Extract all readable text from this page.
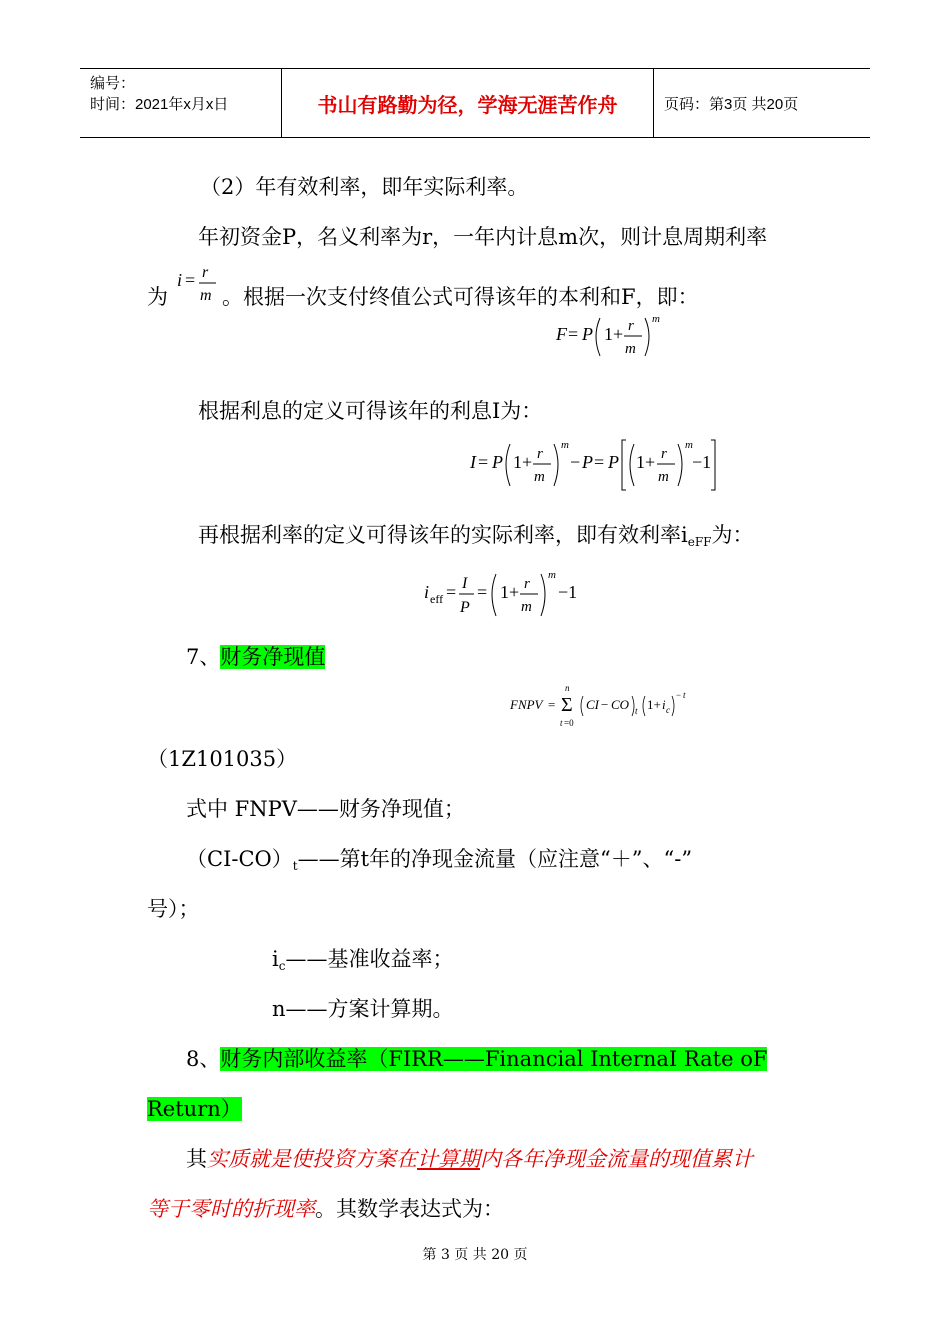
编号：
时间：2021年x月x日	书山有路勤为径，学海无涯苦作舟	页码：第3页 共20页
（2）年有效利率，即年实际利率。
年初资金P，名义利率为r，一年内计息m次，则计息周期利率
为
i = r
m 。根据一次支付终值公式可得该年的本利和F，即：
F = P 1+ r
m
m
根据利息的定义可得该年的利息I为：
I = P 1+ r
m
m
− P = P 1+ r
m
m
−1
再根据利率的定义可得该年的实际利率，即有效利率$i_{eFF}$为：
i eff = I
P
= 1+ r
m
m
−1
7、财务净现值
FNPV = Σ
n
t =0
CI − CO t 1+ i c
− t
（1Z101035）
式中 FNPV——财务净现值；
$(CI-CO)_t——$第t年的净现金流量（应注意“＋”、“-”
号）；
$i_c——$基准收益率；
n——方案计算期。
8、财务内部收益率（FIRR——Financial InternaI Rate oF
Return）
其实质就是使投资方案在计算期内各年净现金流量的现值累计
等于零时的折现率。其数学表达式为：
第 3 页 共 20 页
